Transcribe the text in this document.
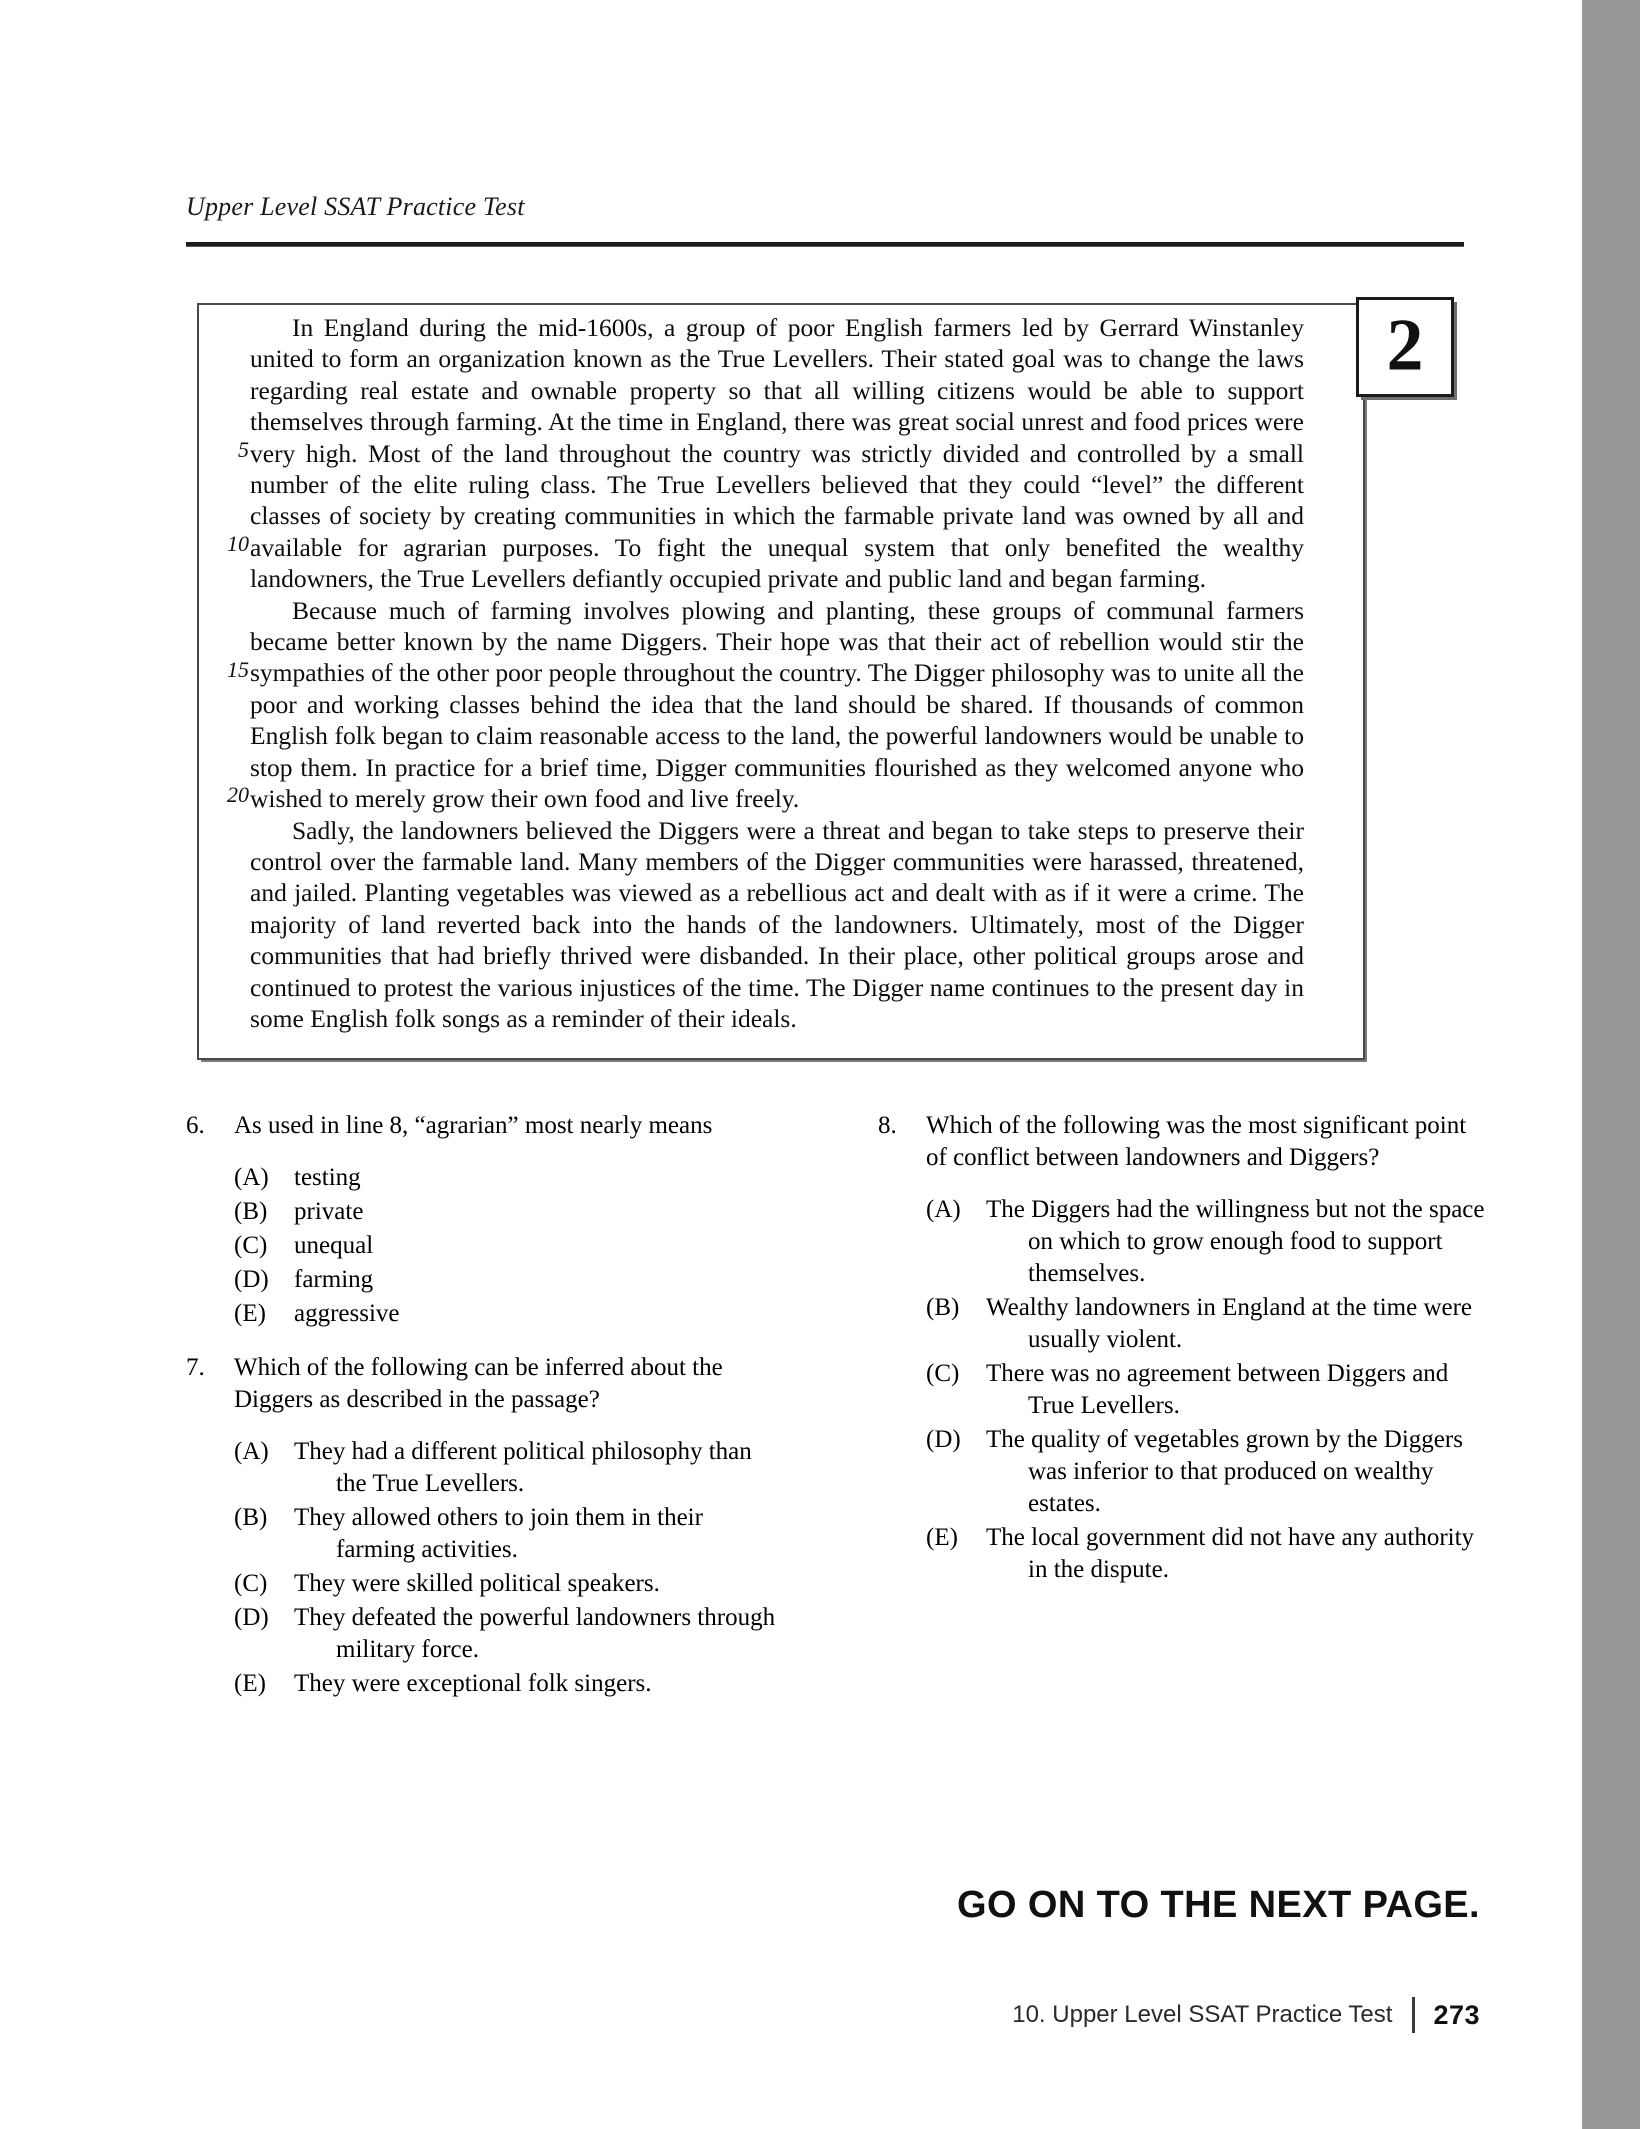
Upper Level SSAT Practice Test
5
10
15
20

In England during the mid-1600s, a group of poor English farmers led by Gerrard Winstanley united to form an organization known as the True Levellers. Their stated goal was to change the laws regarding real estate and ownable property so that all willing citizens would be able to support themselves through farming. At the time in England, there was great social unrest and food prices were very high. Most of the land throughout the country was strictly divided and controlled by a small number of the elite ruling class. The True Levellers believed that they could “level” the different classes of society by creating communities in which the farmable private land was owned by all and available for agrarian purposes. To fight the unequal system that only benefited the wealthy landowners, the True Levellers defiantly occupied private and public land and began farming.

Because much of farming involves plowing and planting, these groups of communal farmers became better known by the name Diggers. Their hope was that their act of rebellion would stir the sympathies of the other poor people throughout the country. The Digger philosophy was to unite all the poor and working classes behind the idea that the land should be shared. If thousands of common English folk began to claim reasonable access to the land, the powerful landowners would be unable to stop them. In practice for a brief time, Digger communities flourished as they welcomed anyone who wished to merely grow their own food and live freely.

Sadly, the landowners believed the Diggers were a threat and began to take steps to preserve their control over the farmable land. Many members of the Digger communities were harassed, threatened, and jailed. Planting vegetables was viewed as a rebellious act and dealt with as if it were a crime. The majority of land reverted back into the hands of the landowners. Ultimately, most of the Digger communities that had briefly thrived were disbanded. In their place, other political groups arose and continued to protest the various injustices of the time. The Digger name continues to the present day in some English folk songs as a reminder of their ideals.

2
6.	As used in line 8, “agrarian” most nearly means
(A)	testing
(B)	private
(C)	unequal
(D)	farming
(E)	aggressive
7.	Which of the following can be inferred about the Diggers as described in the passage?
(A)	They had a different political philosophy than the True Levellers.
(B)	They allowed others to join them in their farming activities.
(C)	They were skilled political speakers.
(D)	They defeated the powerful landowners through military force.
(E)	They were exceptional folk singers.
8.	Which of the following was the most significant point of conflict between landowners and Diggers?
(A)	The Diggers had the willingness but not the space on which to grow enough food to support themselves.
(B)	Wealthy landowners in England at the time were usually violent.
(C)	There was no agreement between Diggers and True Levellers.
(D)	The quality of vegetables grown by the Diggers was inferior to that produced on wealthy estates.
(E)	The local government did not have any authority in the dispute.
GO ON TO THE NEXT PAGE.
10. Upper Level SSAT Practice Test 273
